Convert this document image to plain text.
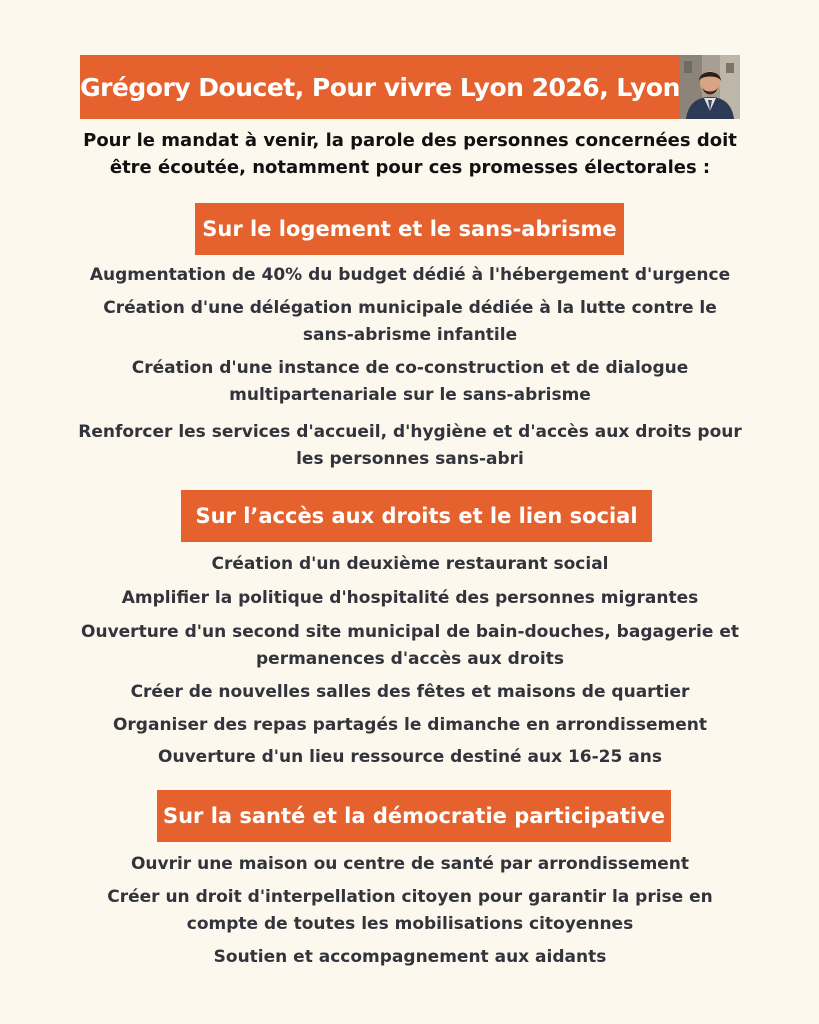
Grégory Doucet, Pour vivre Lyon 2026, Lyon
Pour le mandat à venir, la parole des personnes concernées doit être écoutée, notamment pour ces promesses électorales :
Sur le logement et le sans-abrisme
Augmentation de 40% du budget dédié à l'hébergement d'urgence
Création d'une délégation municipale dédiée à la lutte contre le sans-abrisme infantile
Création d'une instance de co-construction et de dialogue multipartenariale sur le sans-abrisme
Renforcer les services d'accueil, d'hygiène et d'accès aux droits pour les personnes sans-abri
Sur l’accès aux droits et le lien social
Création d'un deuxième restaurant social
Amplifier la politique d'hospitalité des personnes migrantes
Ouverture d'un second site municipal de bain-douches, bagagerie et permanences d'accès aux droits
Créer de nouvelles salles des fêtes et maisons de quartier
Organiser des repas partagés le dimanche en arrondissement
Ouverture d'un lieu ressource destiné aux 16-25 ans
Sur la santé et la démocratie participative
Ouvrir une maison ou centre de santé par arrondissement
Créer un droit d'interpellation citoyen pour garantir la prise en compte de toutes les mobilisations citoyennes
Soutien et accompagnement aux aidants
